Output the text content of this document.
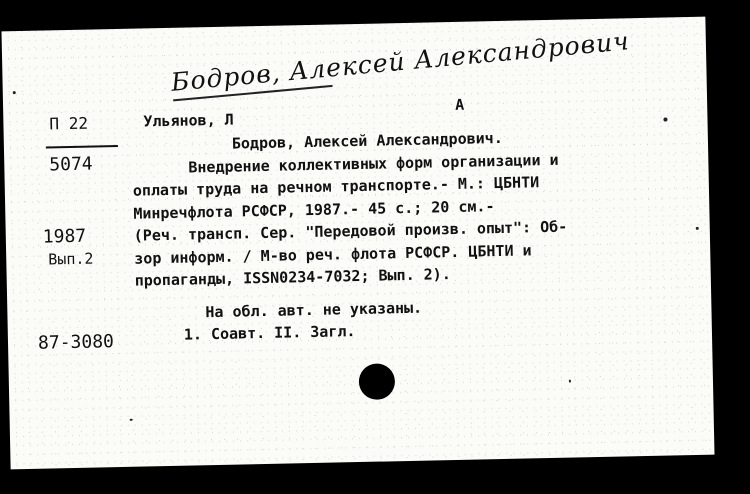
Бодров, Алексей Александрович
П 22
5074
1987
Вып.2
87-3080
Ульянов, Л
А
Бодров, Алексей Александрович.
Внедрение коллективных форм организации и
оплаты труда на речном транспорте.- М.: ЦБНТИ
Минречфлота РСФСР, 1987.- 45 с.; 20 см.-
(Реч. трансп. Сер. "Передовой произв. опыт": Об-
зор информ. / М-во реч. флота РСФСР. ЦБНТИ и
пропаганды, ISSN0234-7032; Вып. 2).
На обл. авт. не указаны.
1. Соавт. II. Загл.
